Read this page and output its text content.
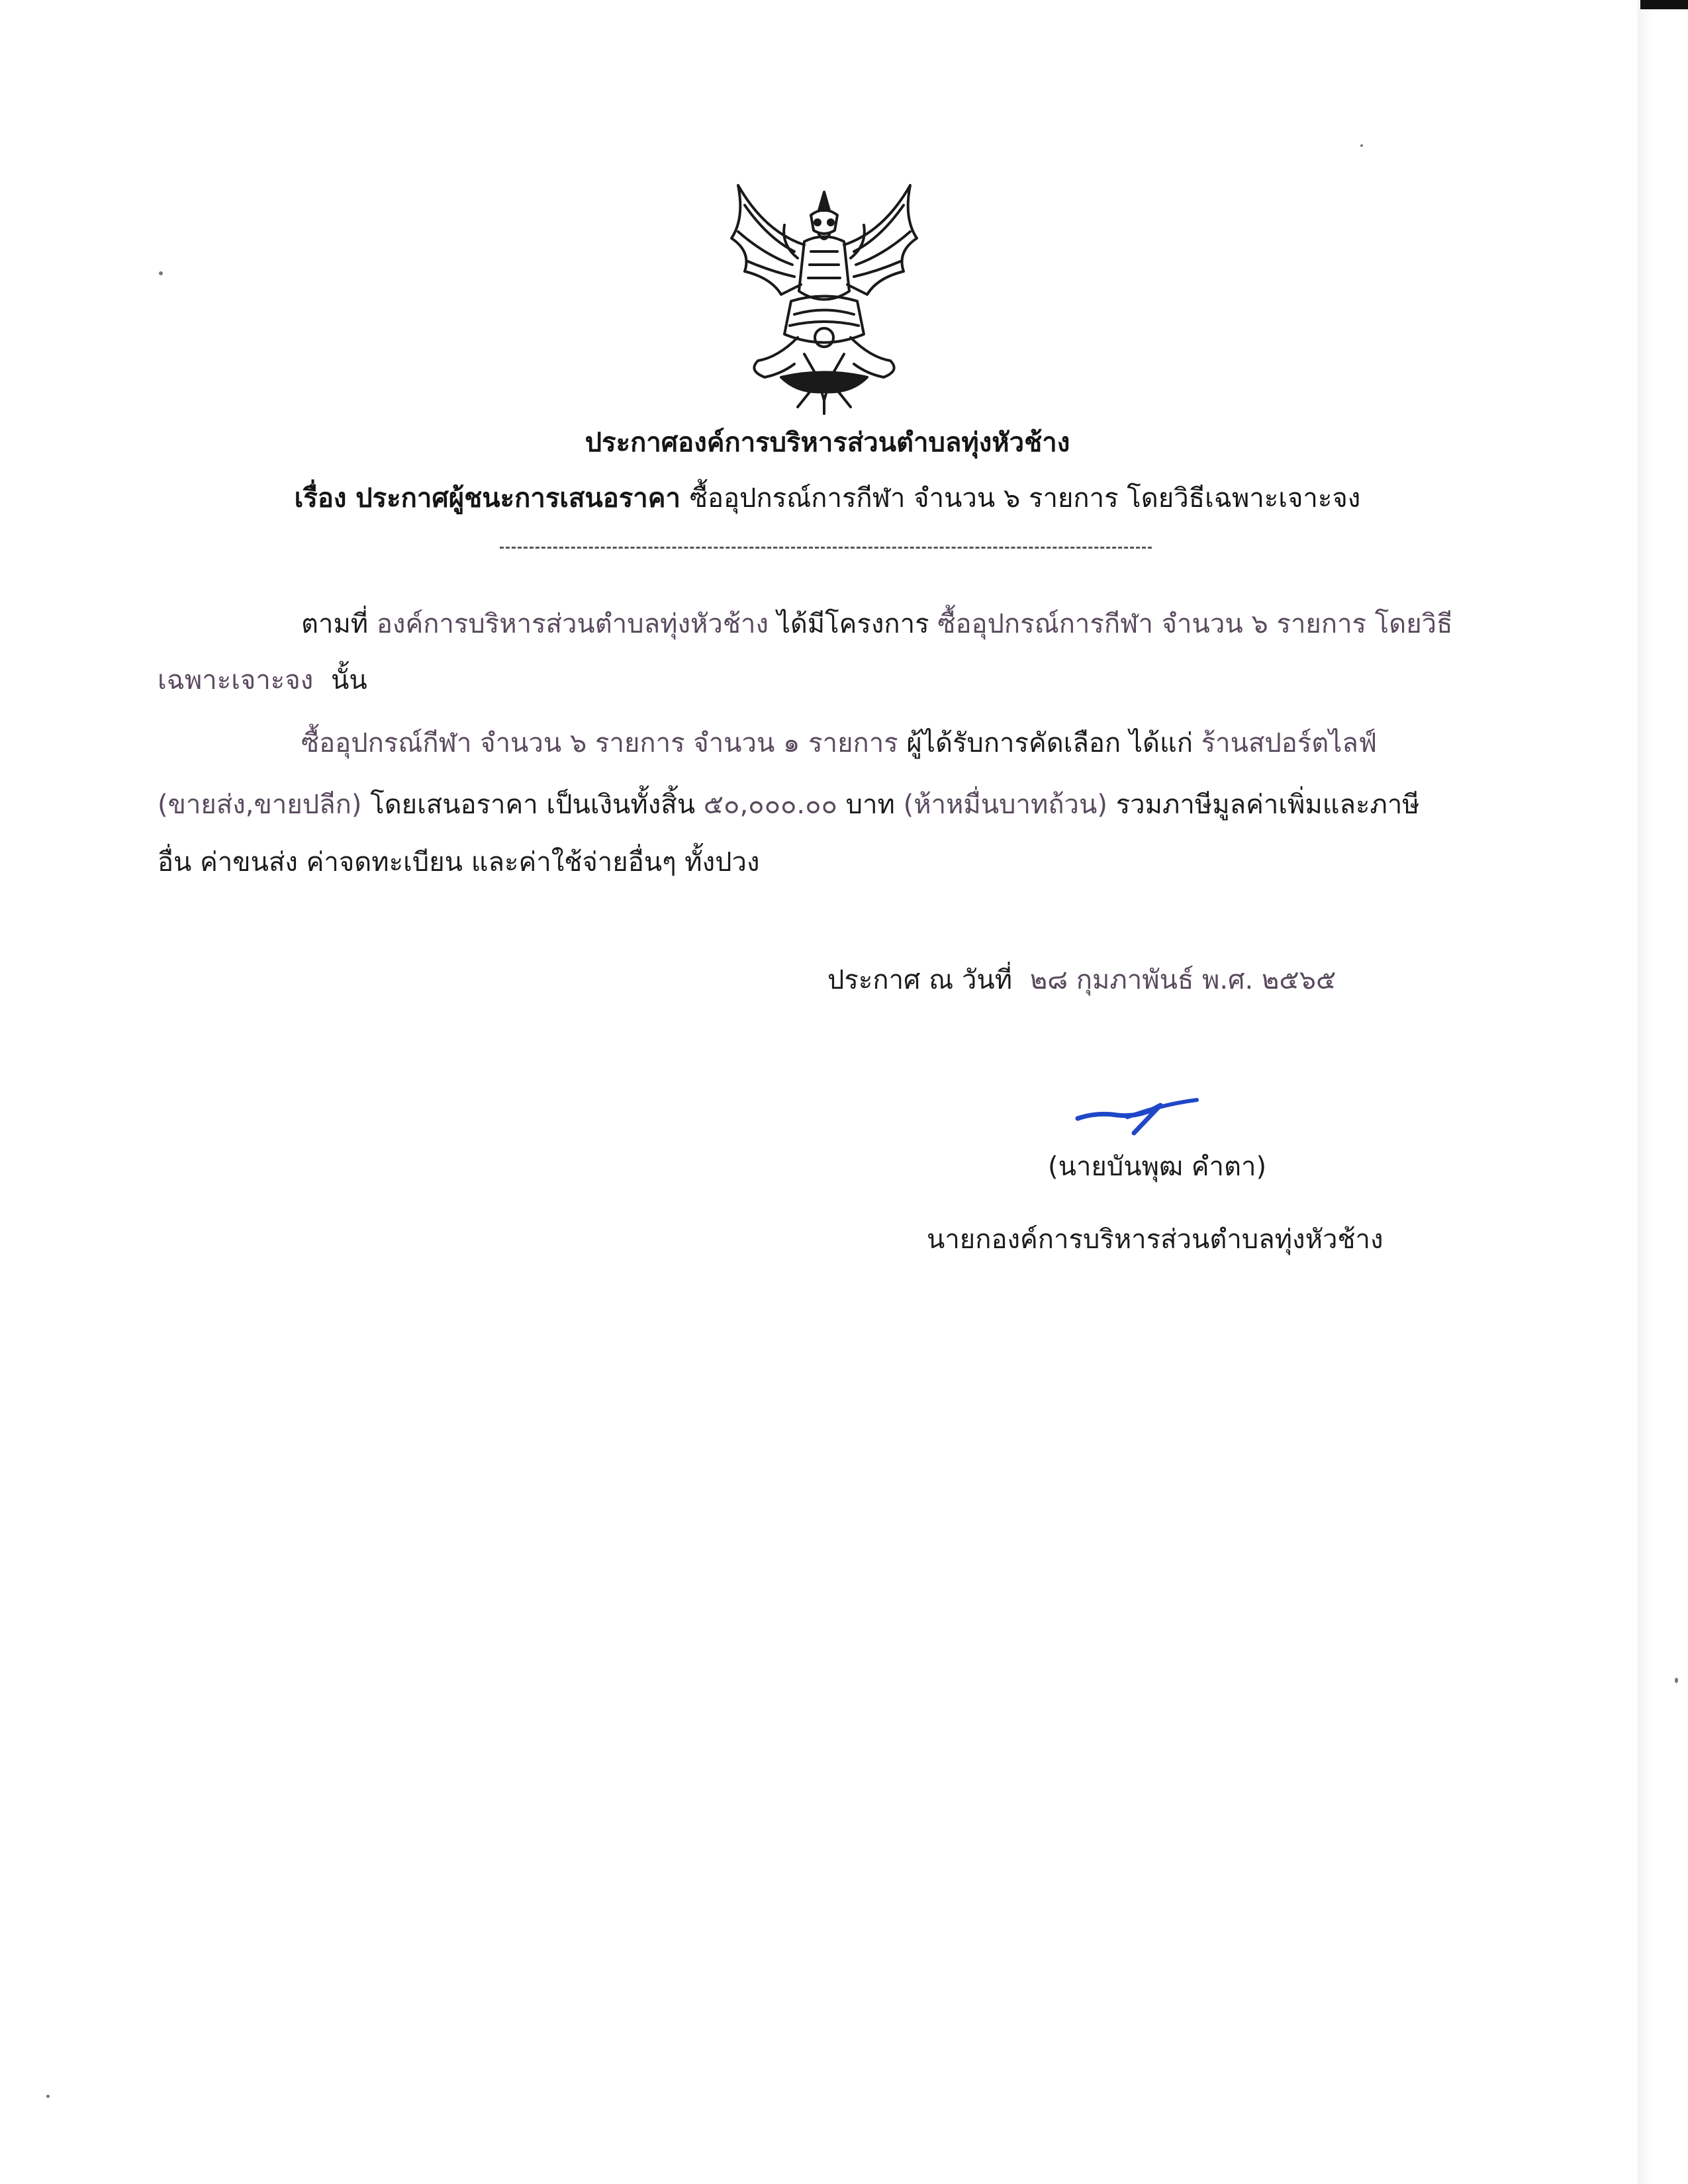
ประกาศองค์การบริหารส่วนตำบลทุ่งหัวช้าง
เรื่อง ประกาศผู้ชนะการเสนอราคา ซื้ออุปกรณ์การกีฬา จำนวน ๖ รายการ โดยวิธีเฉพาะเจาะจง
ตามที่ องค์การบริหารส่วนตำบลทุ่งหัวช้าง ได้มีโครงการ ซื้ออุปกรณ์การกีฬา จำนวน ๖ รายการ โดยวิธี
เฉพาะเจาะจง นั้น
ซื้ออุปกรณ์กีฬา จำนวน ๖ รายการ จำนวน ๑ รายการ ผู้ได้รับการคัดเลือก ได้แก่ ร้านสปอร์ตไลฟ์
(ขายส่ง,ขายปลีก) โดยเสนอราคา เป็นเงินทั้งสิ้น ๕๐,๐๐๐.๐๐ บาท (ห้าหมื่นบาทถ้วน) รวมภาษีมูลค่าเพิ่มและภาษี
อื่น ค่าขนส่ง ค่าจดทะเบียน และค่าใช้จ่ายอื่นๆ ทั้งปวง
ประกาศ ณ วันที่ ๒๘ กุมภาพันธ์ พ.ศ. ๒๕๖๕
(นายบันพุฒ คำตา)
นายกองค์การบริหารส่วนตำบลทุ่งหัวช้าง
